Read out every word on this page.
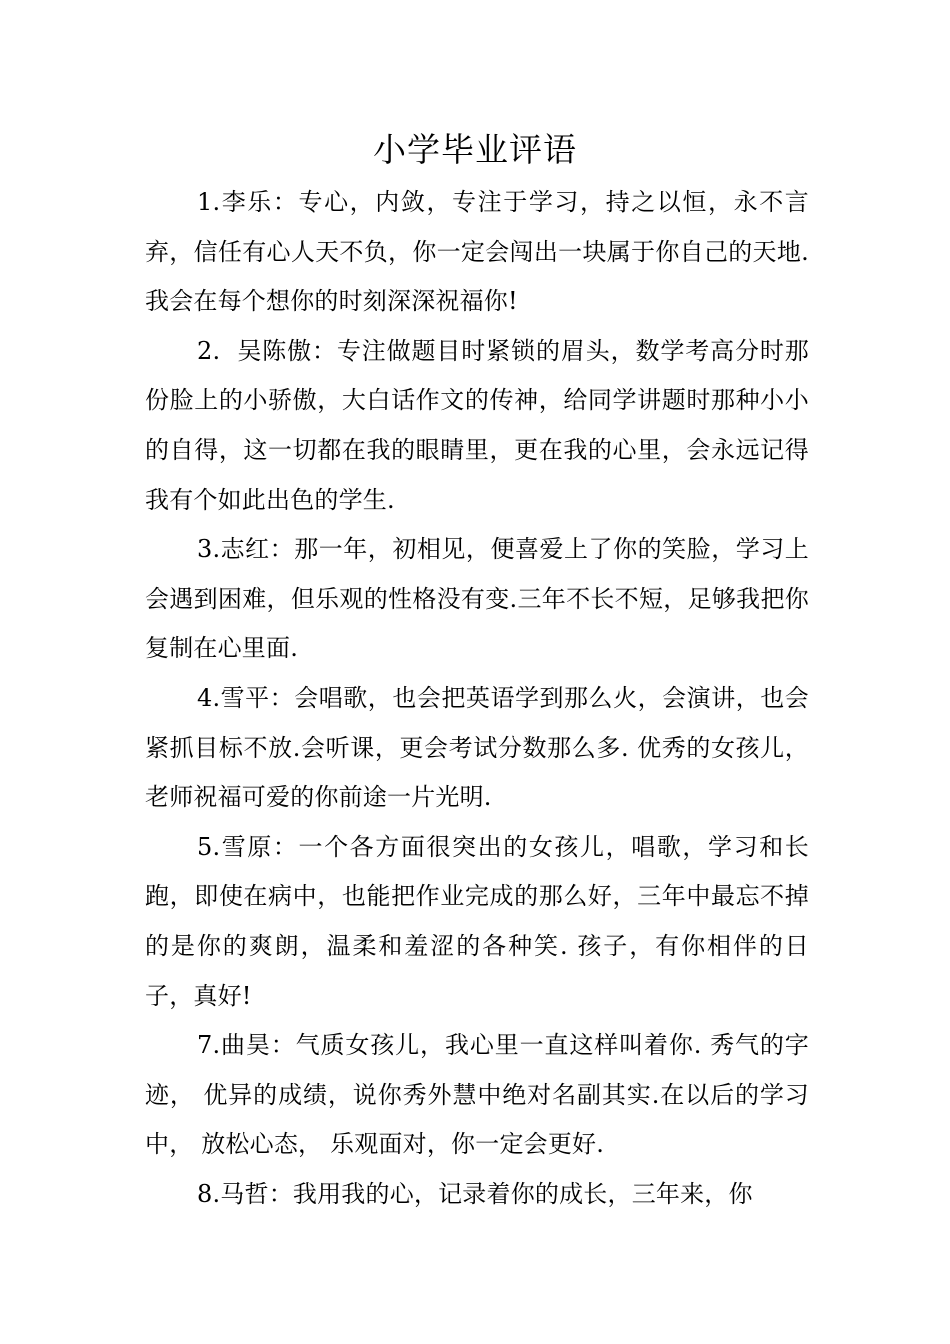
小学毕业评语

1.李乐：专心，内敛，专注于学习，持之以恒，永不言弃，信任有心人天不负，你一定会闯出一块属于你自己的天地.我会在每个想你的时刻深深祝福你!

2.  吴陈傲：专注做题目时紧锁的眉头，数学考高分时那份脸上的小骄傲，大白话作文的传神，给同学讲题时那种小小的自得，这一切都在我的眼睛里，更在我的心里，会永远记得我有个如此出色的学生.

3.志红：那一年，初相见，便喜爱上了你的笑脸，学习上会遇到困难，但乐观的性格没有变.三年不长不短，足够我把你复制在心里面.

4.雪平：会唱歌，也会把英语学到那么火，会演讲，也会紧抓目标不放.会听课，更会考试分数那么多. 优秀的女孩儿， 老师祝福可爱的你前途一片光明.

5.雪原：一个各方面很突出的女孩儿，唱歌，学习和长跑，即使在病中，也能把作业完成的那么好，三年中最忘不掉的是你的爽朗，温柔和羞涩的各种笑. 孩子，有你相伴的日子，真好!

7.曲昊：气质女孩儿，我心里一直这样叫着你. 秀气的字迹， 优异的成绩，说你秀外慧中绝对名副其实.在以后的学习中， 放松心态， 乐观面对，你一定会更好.

8.马哲：我用我的心，记录着你的成长，三年来，你
